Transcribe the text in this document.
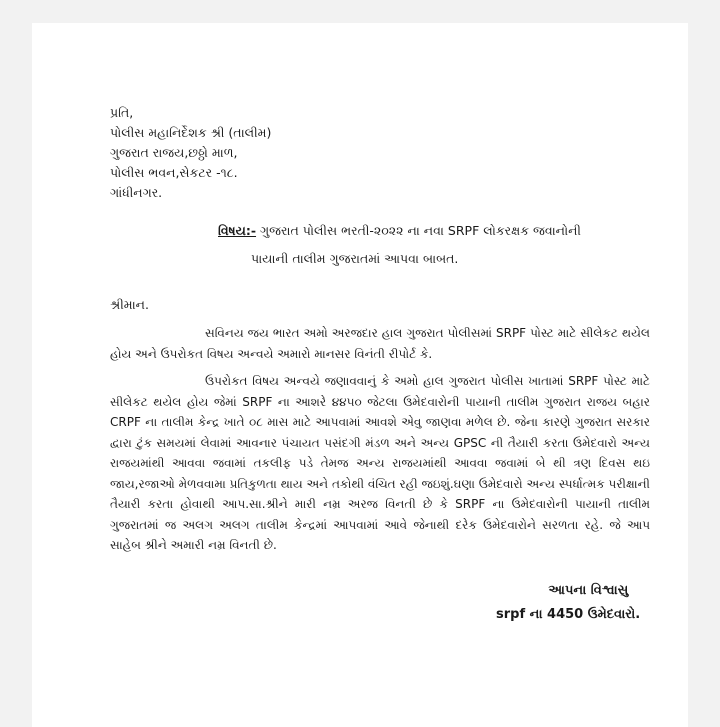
પ્રતિ,
પોલીસ મહાનિર્દેશક શ્રી (તાલીમ)
ગુજરાત રાજય,છઠ્ઠો માળ,
પોલીસ ભવન,સેકટર -૧૮.
ગાંધીનગર.
વિષય:- ગુજરાત પોલીસ ભરતી-૨૦૨૨ ના નવા SRPF લોકરક્ષક જવાનોની
પાયાની તાલીમ ગુજરાતમાં આપવા બાબત.
શ્રીમાન.
સવિનય જય ભારત અમો અરજદાર હાલ ગુજરાત પોલીસમાં SRPF પોસ્ટ માટે સીલેકટ થયેલ હોય અને ઉપરોકત વિષય અન્વયે અમારો માનસર વિનંતી રીપોર્ટ કે.
ઉપરોકત વિષય અન્વયે જણાવવાનું કે અમો હાલ ગુજરાત પોલીસ ખાતામાં SRPF પોસ્ટ માટે સીલેકટ થયેલ હોય જેમાં SRPF ના આશરે ૪૪૫૦ જેટલા ઉમેદવારોની પાયાની તાલીમ ગુજરાત રાજય બહાર CRPF ના તાલીમ કેન્દ્ર ખાતે ૦૮ માસ માટે આપવામાં આવશે એવુ જાણવા મળેલ છે. જેના કારણે ગુજરાત સરકાર દ્વારા ટુંક સમયમાં લેવામાં આવનાર પંચાયત પસંદગી મંડળ અને અન્ય GPSC ની તૈયારી કરતા ઉમેદવારો અન્ય રાજયમાંથી આવવા જવામાં તકલીફ પડે તેમજ અન્ય રાજયમાંથી આવવા જવામાં બે થી ત્રણ દિવસ થઇ જાય,રજાઓ મેળવવામા પ્રતિકુળતા થાય અને તકોથી વંચિત રહી જઇશું.ઘણા ઉમેદવારો અન્ય સ્પર્ધાત્મક પરીક્ષાની તૈયારી કરતા હોવાથી આપ.સા.શ્રીને મારી નમ્ર અરજ વિનતી છે કે SRPF ના ઉમેદવારોની પાયાની તાલીમ ગુજરાતમાં જ અલગ અલગ તાલીમ કેન્દ્રમાં આપવામાં આવે જેનાથી દરેક ઉમેદવારોને સરળતા રહે. જે આપ સાહેબ શ્રીને અમારી નમ્ર વિનતી છે.
આપના વિશ્વાસુ
srpf ના 4450 ઉમેદવારો.
